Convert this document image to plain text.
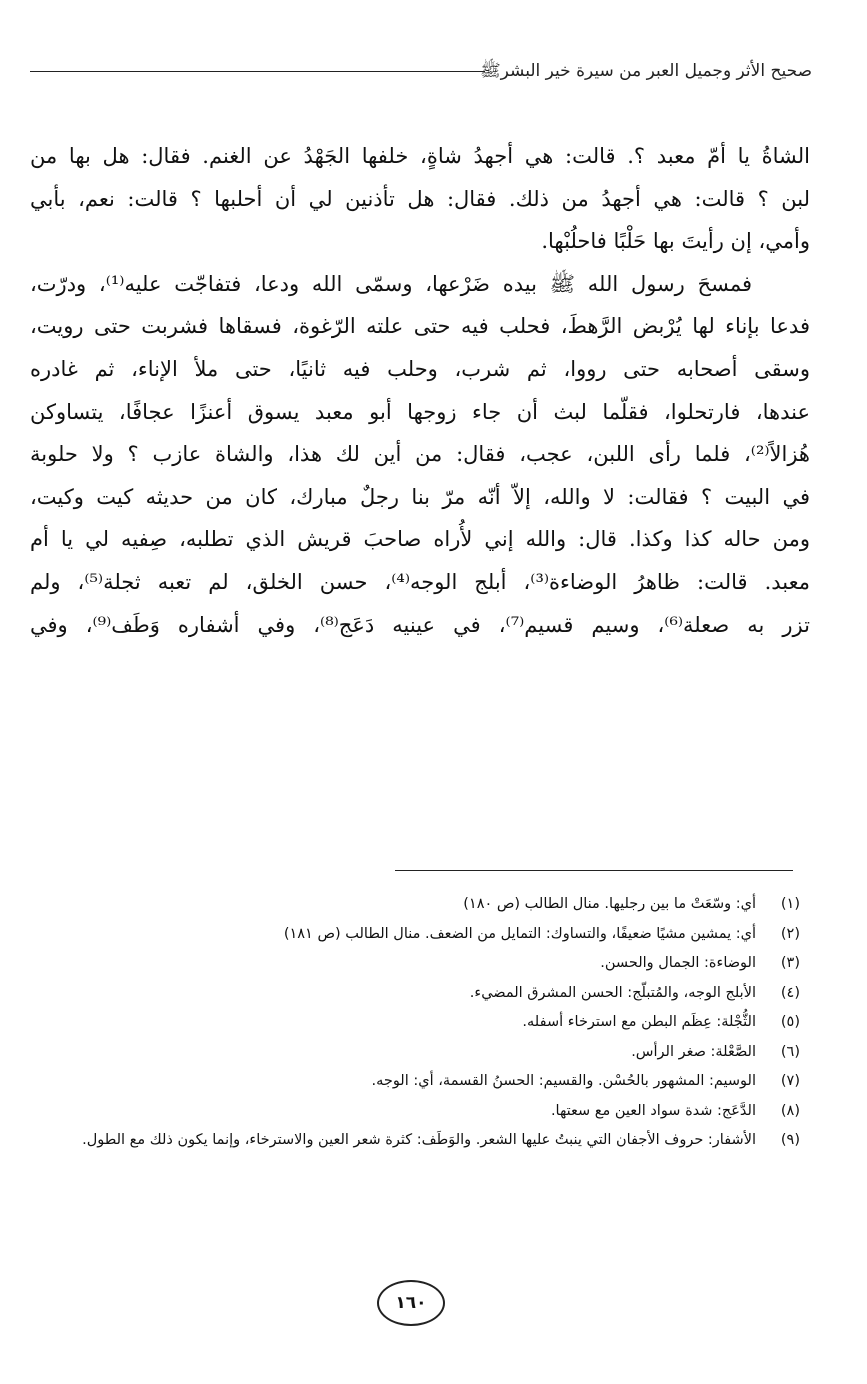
صحيح الأثر وجميل العبر من سيرة خير البشرﷺ
الشاةُ يا أمّ معبد ؟. قالت: هي أجهدُ شاةٍ، خلفها الجَهْدُ عن الغنم. فقال: هل بها من
لبن ؟ قالت: هي أجهدُ من ذلك. فقال: هل تأذنين لي أن أحلبها ؟ قالت: نعم، بأبي
وأمي، إن رأيتَ بها حَلْبًا فاحلُبْها.
فمسحَ رسول الله ﷺ بيده ضَرْعها، وسمّى الله ودعا، فتفاجّت عليه⁽¹⁾، ودرّت،
فدعا بإناء لها يُرْبض الرَّهطَ، فحلب فيه حتى علته الرّغوة، فسقاها فشربت حتى رويت،
وسقى أصحابه حتى رووا، ثم شرب، وحلب فيه ثانيًا، حتى ملأ الإناء، ثم غادره
عندها، فارتحلوا، فقلّما لبث أن جاء زوجها أبو معبد يسوق أعنزًا عجافًا، يتساوكن
هُزالاً⁽²⁾، فلما رأى اللبن، عجب، فقال: من أين لك هذا، والشاة عازب ؟ ولا حلوبة
في البيت ؟ فقالت: لا والله، إلاّ أنّه مرّ بنا رجلٌ مبارك، كان من حديثه كيت وكيت،
ومن حاله كذا وكذا. قال: والله إني لأُراه صاحبَ قريش الذي تطلبه، صِفيه لي يا أم
معبد. قالت: ظاهرُ الوضاءة⁽³⁾، أبلج الوجه⁽⁴⁾، حسن الخلق، لم تعبه ثجلة⁽⁵⁾، ولم
تزر به صعلة⁽⁶⁾، وسيم قسيم⁽⁷⁾، في عينيه دَعَج⁽⁸⁾، وفي أشفاره وَطَف⁽⁹⁾، وفي
(١)أي: وسّعَتْ ما بين رجليها. منال الطالب (ص ١٨٠)
(٢)أي: يمشين مشيًا ضعيفًا، والتساوك: التمايل من الضعف. منال الطالب (ص ١٨١)
(٣)الوضاءة: الجمال والحسن.
(٤)الأبلج الوجه، والمُتبلّج: الحسن المشرق المضيء.
(٥)الثُّجْلة: عِظَم البطن مع استرخاء أسفله.
(٦)الصَّعْلة: صغر الرأس.
(٧)الوسيم: المشهور بالحُسْن. والقسيم: الحسنُ القسمة، أي: الوجه.
(٨)الدَّعَج: شدة سواد العين مع سعتها.
(٩)الأشفار: حروف الأجفان التي ينبتُ عليها الشعر. والوَطَف: كثرة شعر العين والاسترخاء، وإنما يكون ذلك مع الطول.
١٦٠
